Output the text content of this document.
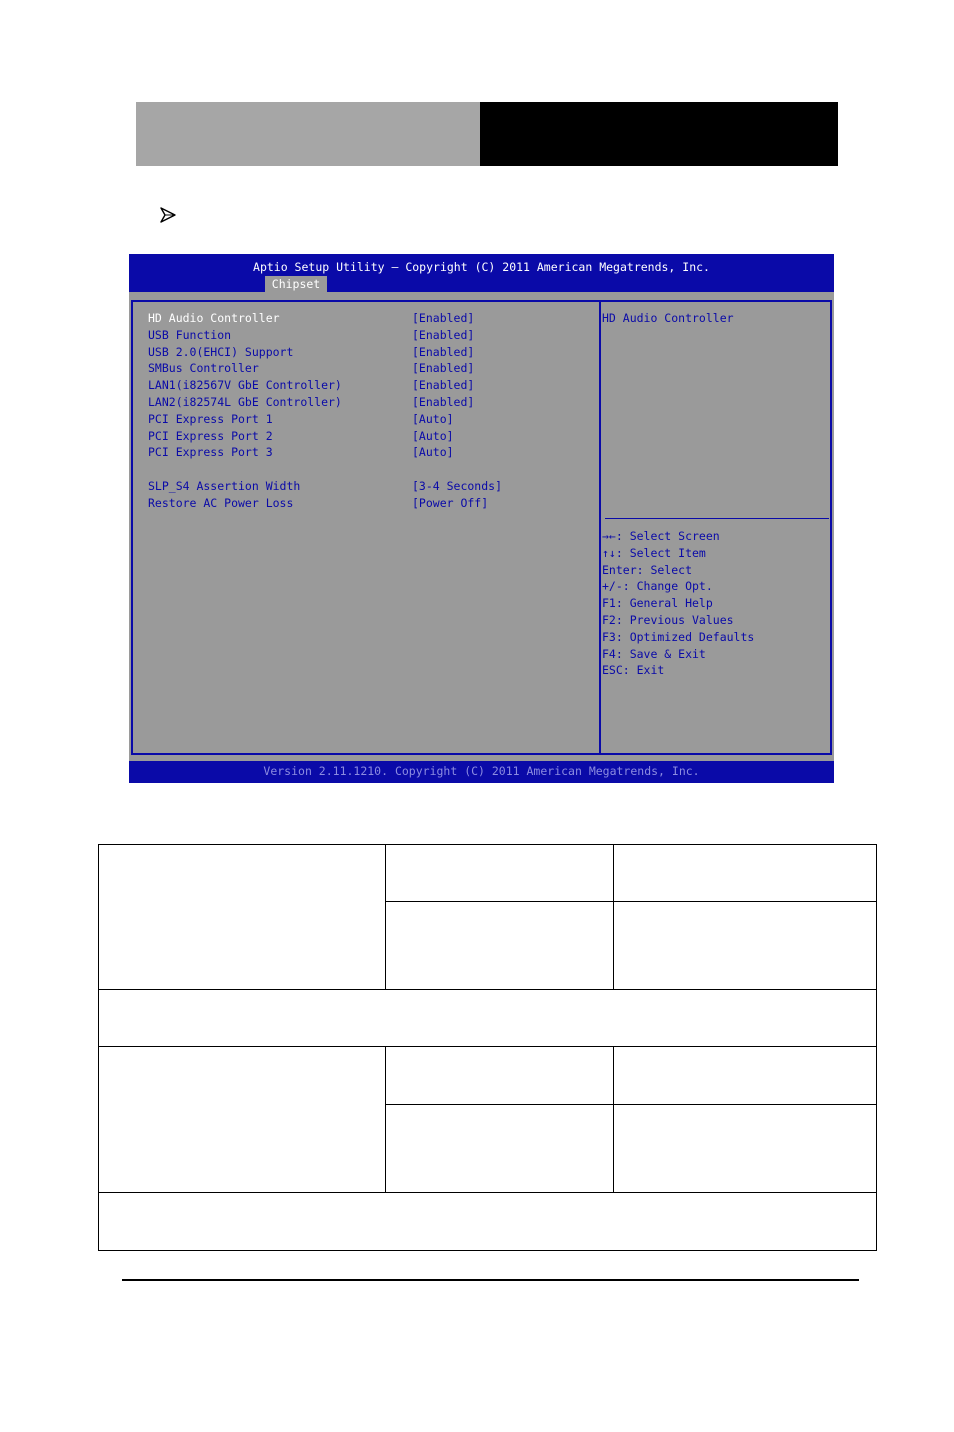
Aptio Setup Utility – Copyright (C) 2011 American Megatrends, Inc.
Chipset
HD Audio Controller	[Enabled]
USB Function	[Enabled]
USB 2.0(EHCI) Support	[Enabled]
SMBus Controller	[Enabled]
LAN1(i82567V GbE Controller)	[Enabled]
LAN2(i82574L GbE Controller)	[Enabled]
PCI Express Port 1	[Auto]
PCI Express Port 2	[Auto]
PCI Express Port 3	[Auto]
SLP_S4 Assertion Width	[3-4 Seconds]
Restore AC Power Loss	[Power Off]
HD Audio Controller
→←: Select Screen
↑↓: Select Item
Enter: Select
+/-: Change Opt.
F1: General Help
F2: Previous Values
F3: Optimized Defaults
F4: Save & Exit
ESC: Exit
Version 2.11.1210. Copyright (C) 2011 American Megatrends, Inc.
